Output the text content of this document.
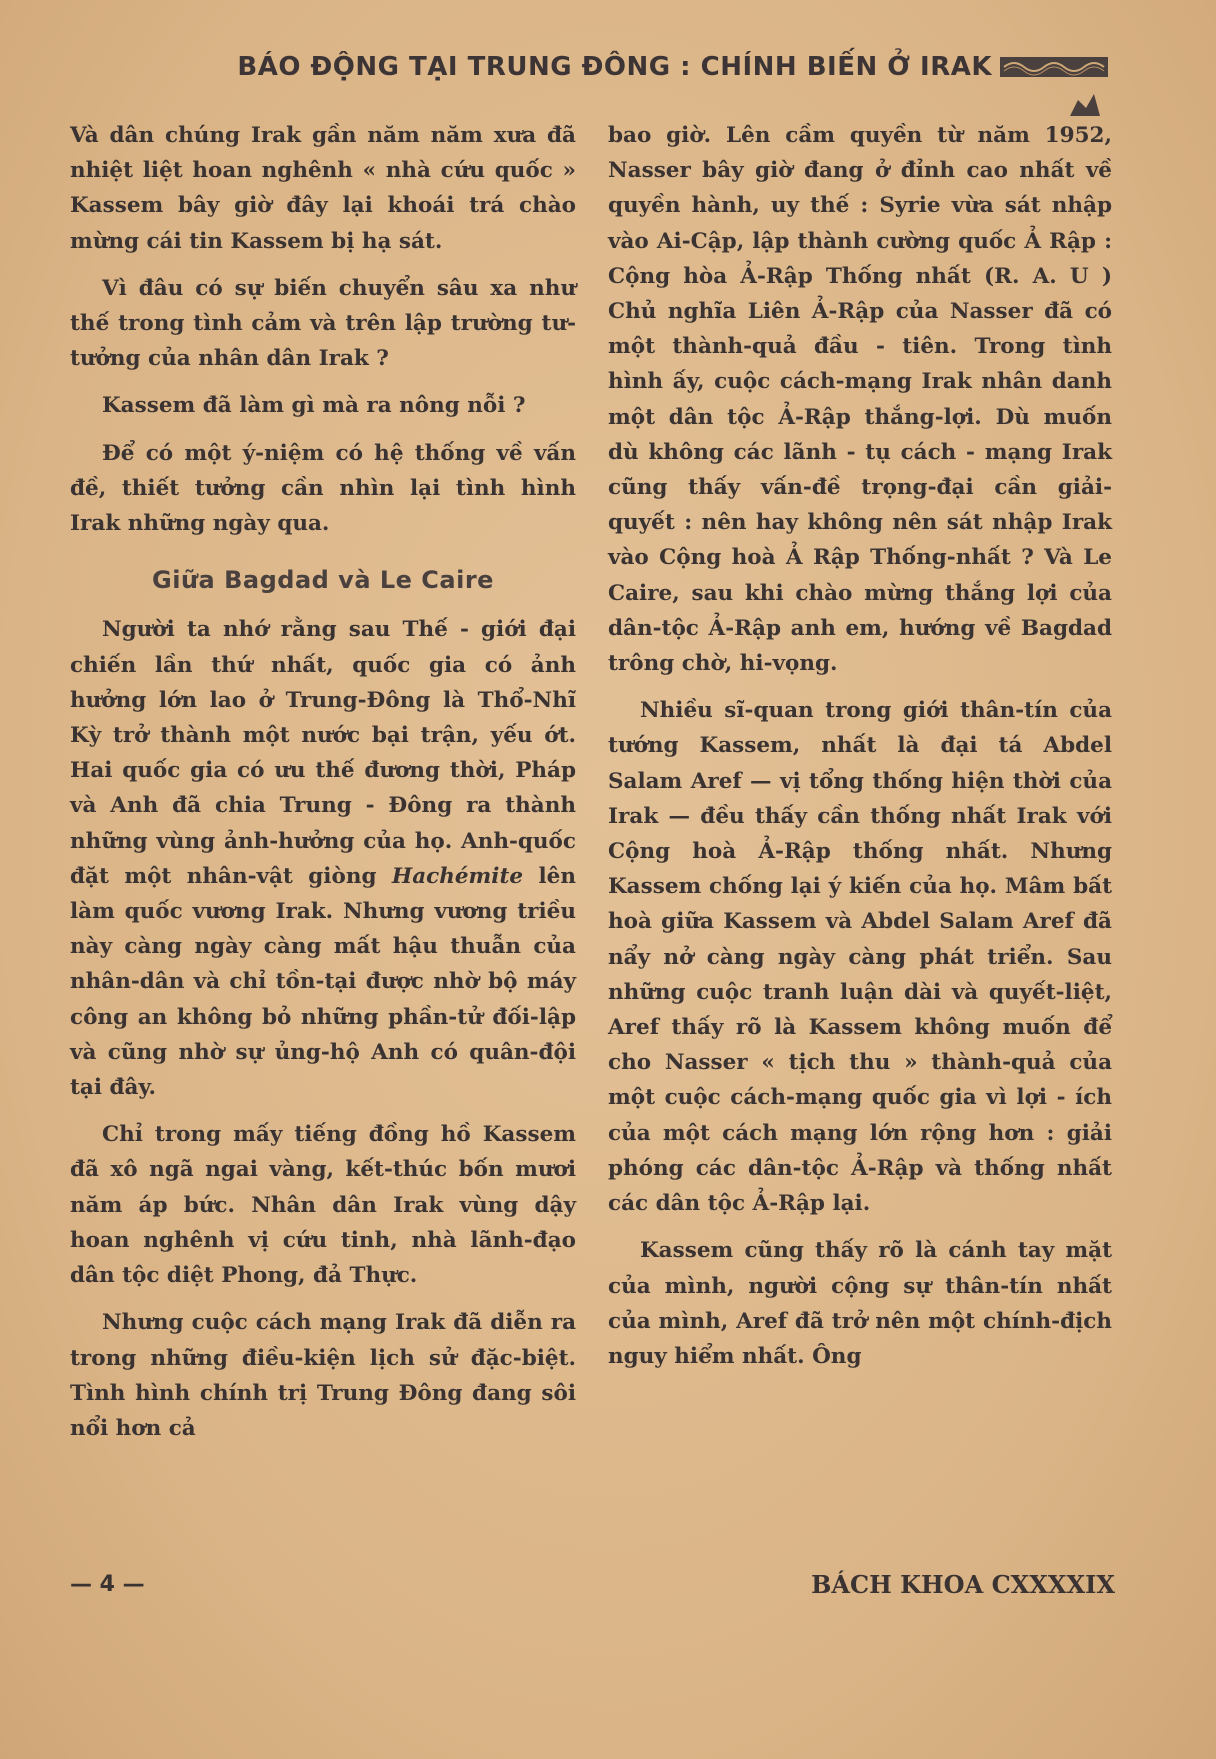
BÁO ĐỘNG TẠI TRUNG ĐÔNG : CHÍNH BIẾN Ở IRAK

Và dân chúng Irak gần năm năm xưa đã nhiệt liệt hoan nghênh « nhà cứu quốc » Kassem bây giờ đây lại khoái trá chào mừng cái tin Kassem bị hạ sát.

Vì đâu có sự biến chuyển sâu xa như thế trong tình cảm và trên lập trường tư-tưởng của nhân dân Irak ?

Kassem đã làm gì mà ra nông nỗi ?

Để có một ý-niệm có hệ thống về vấn đề, thiết tưởng cần nhìn lại tình hình Irak những ngày qua.

Giữa Bagdad và Le Caire

Người ta nhớ rằng sau Thế - giới đại chiến lần thứ nhất, quốc gia có ảnh hưởng lớn lao ở Trung-Đông là Thổ-Nhĩ Kỳ trở thành một nước bại trận, yếu ớt. Hai quốc gia có ưu thế đương thời, Pháp và Anh đã chia Trung - Đông ra thành những vùng ảnh-hưởng của họ. Anh-quốc đặt một nhân-vật giòng Hachémite lên làm quốc vương Irak. Nhưng vương triều này càng ngày càng mất hậu thuẫn của nhân-dân và chỉ tồn-tại được nhờ bộ máy công an không bỏ những phần-tử đối-lập và cũng nhờ sự ủng-hộ Anh có quân-đội tại đây.

Chỉ trong mấy tiếng đồng hồ Kassem đã xô ngã ngai vàng, kết-thúc bốn mươi năm áp bức. Nhân dân Irak vùng dậy hoan nghênh vị cứu tinh, nhà lãnh-đạo dân tộc diệt Phong, đả Thực.

Nhưng cuộc cách mạng Irak đã diễn ra trong những điều-kiện lịch sử đặc-biệt. Tình hình chính trị Trung Đông đang sôi nổi hơn cả

bao giờ. Lên cầm quyền từ năm 1952, Nasser bây giờ đang ở đỉnh cao nhất về quyền hành, uy thế : Syrie vừa sát nhập vào Ai-Cập, lập thành cường quốc Ả Rập : Cộng hòa Ả-Rập Thống nhất (R. A. U ) Chủ nghĩa Liên Ả-Rập của Nasser đã có một thành-quả đầu - tiên. Trong tình hình ấy, cuộc cách-mạng Irak nhân danh một dân tộc Ả-Rập thắng-lợi. Dù muốn dù không các lãnh - tụ cách - mạng Irak cũng thấy vấn-đề trọng-đại cần giải-quyết : nên hay không nên sát nhập Irak vào Cộng hoà Ả Rập Thống-nhất ? Và Le Caire, sau khi chào mừng thắng lợi của dân-tộc Ả-Rập anh em, hướng về Bagdad trông chờ, hi-vọng.

Nhiều sĩ-quan trong giới thân-tín của tướng Kassem, nhất là đại tá Abdel Salam Aref — vị tổng thống hiện thời của Irak — đều thấy cần thống nhất Irak với Cộng hoà Ả-Rập thống nhất. Nhưng Kassem chống lại ý kiến của họ. Mâm bất hoà giữa Kassem và Abdel Salam Aref đã nẩy nở càng ngày càng phát triển. Sau những cuộc tranh luận dài và quyết-liệt, Aref thấy rõ là Kassem không muốn để cho Nasser « tịch thu » thành-quả của một cuộc cách-mạng quốc gia vì lợi - ích của một cách mạng lớn rộng hơn : giải phóng các dân-tộc Ả-Rập và thống nhất các dân tộc Ả-Rập lại.

Kassem cũng thấy rõ là cánh tay mặt của mình, người cộng sự thân-tín nhất của mình, Aref đã trở nên một chính-địch nguy hiểm nhất. Ông

— 4 —	BÁCH KHOA CXXXXIX
